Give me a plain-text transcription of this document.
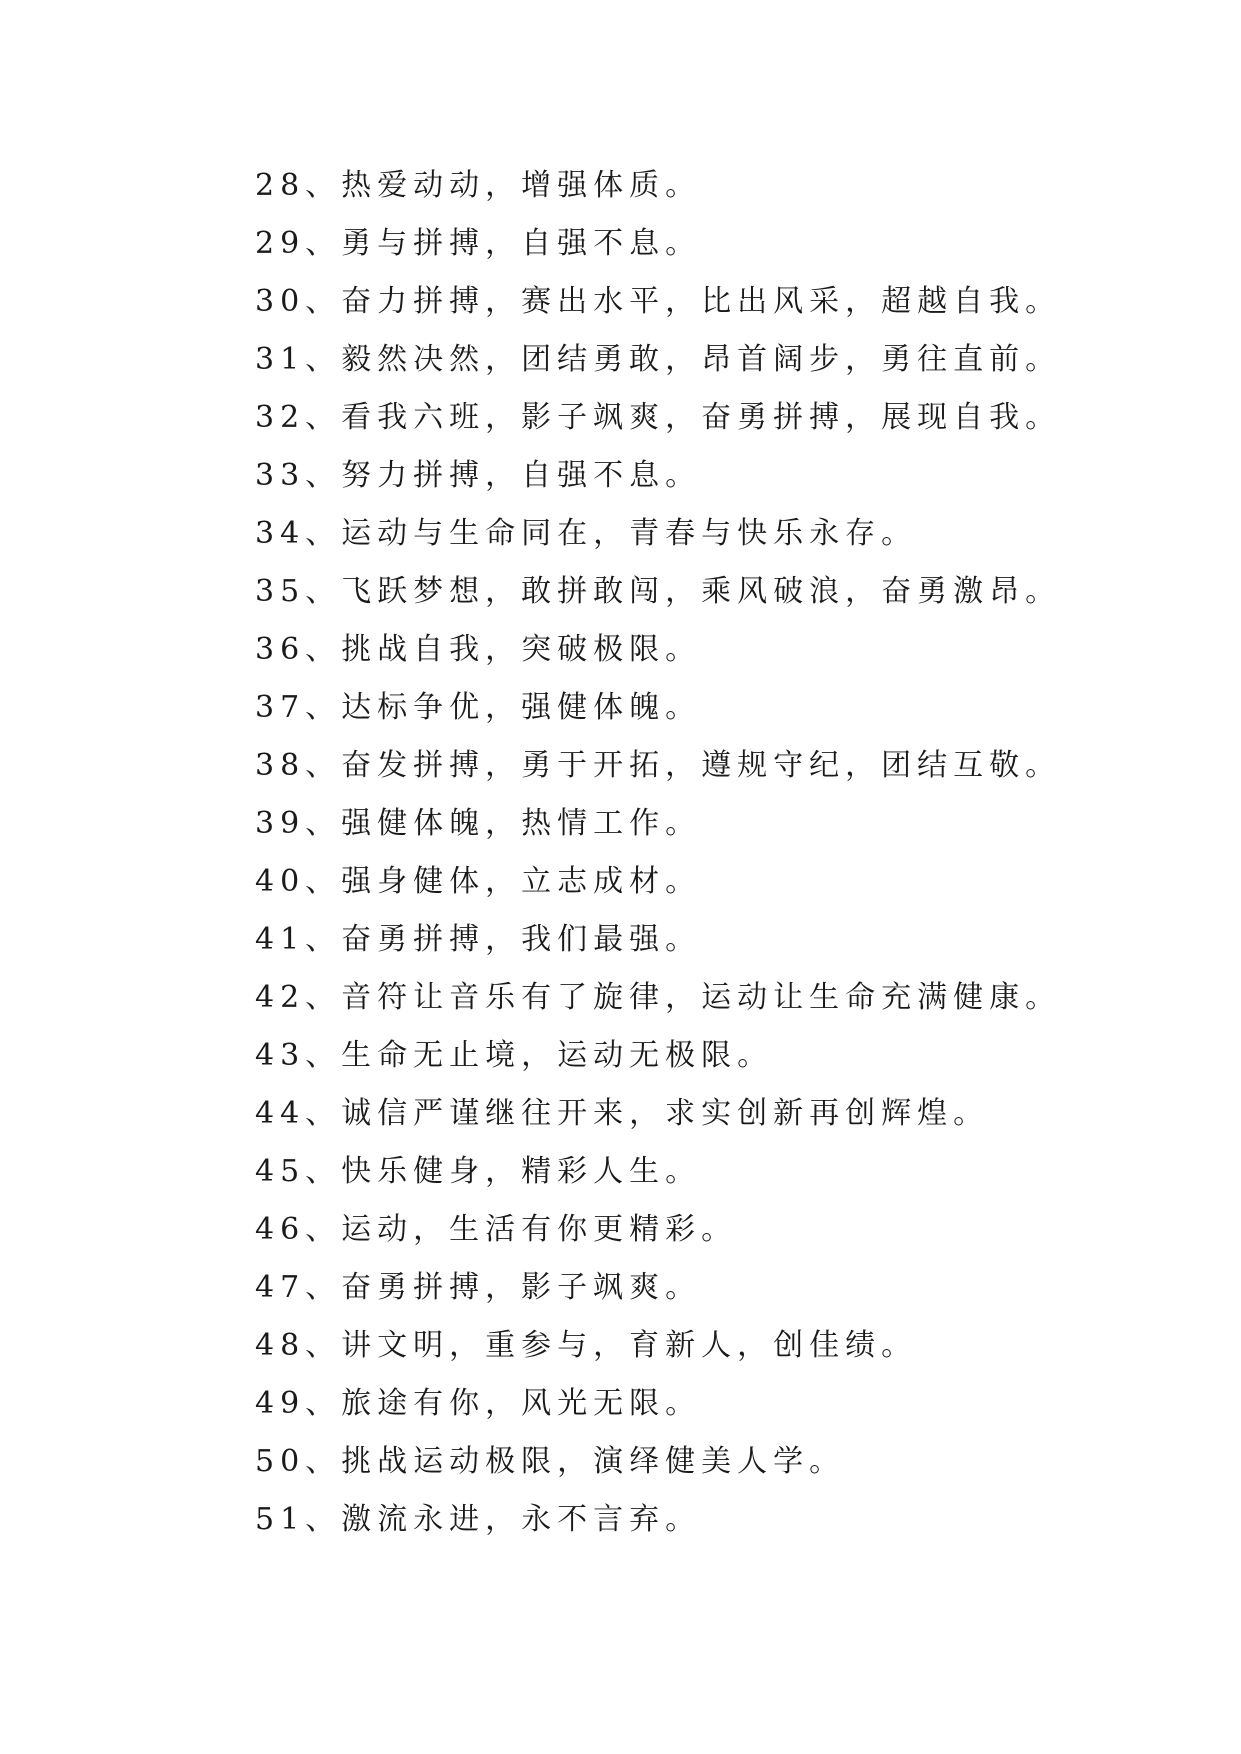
28、热爱动动，增强体质。
29、勇与拼搏，自强不息。
30、奋力拼搏，赛出水平，比出风采，超越自我。
31、毅然决然，团结勇敢，昂首阔步，勇往直前。
32、看我六班，影子飒爽，奋勇拼搏，展现自我。
33、努力拼搏，自强不息。
34、运动与生命同在，青春与快乐永存。
35、飞跃梦想，敢拼敢闯，乘风破浪，奋勇激昂。
36、挑战自我，突破极限。
37、达标争优，强健体魄。
38、奋发拼搏，勇于开拓，遵规守纪，团结互敬。
39、强健体魄，热情工作。
40、强身健体，立志成材。
41、奋勇拼搏，我们最强。
42、音符让音乐有了旋律，运动让生命充满健康。
43、生命无止境，运动无极限。
44、诚信严谨继往开来，求实创新再创辉煌。
45、快乐健身，精彩人生。
46、运动，生活有你更精彩。
47、奋勇拼搏，影子飒爽。
48、讲文明，重参与，育新人，创佳绩。
49、旅途有你，风光无限。
50、挑战运动极限，演绎健美人学。
51、激流永进，永不言弃。
